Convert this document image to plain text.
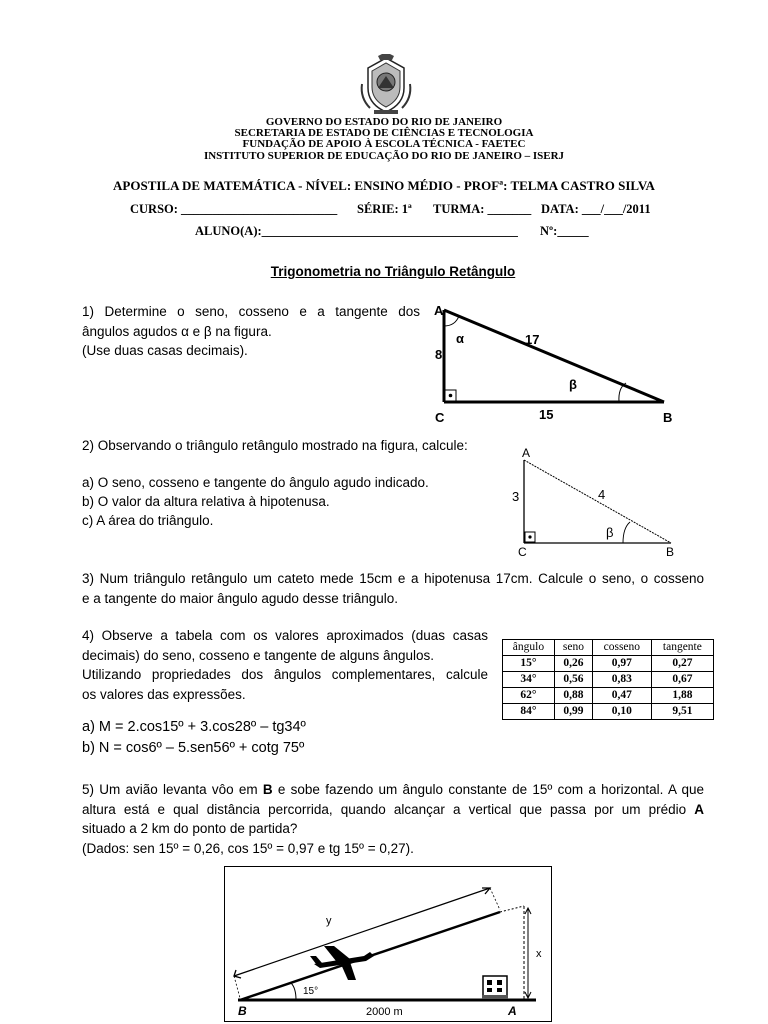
GOVERNO DO ESTADO DO RIO DE JANEIRO
SECRETARIA DE ESTADO DE CIÊNCIAS E TECNOLOGIA
FUNDAÇÃO DE APOIO À ESCOLA TÉCNICA - FAETEC
INSTITUTO SUPERIOR DE EDUCAÇÃO DO RIO DE JANEIRO – ISERJ
APOSTILA DE MATEMÁTICA - NÍVEL: ENSINO MÉDIO - PROFª: TELMA CASTRO SILVA
CURSO: _________________________ SÉRIE: 1ª TURMA: _______ DATA: ___/___/2011
ALUNO(A):_________________________________________ Nº:_____
Trigonometria no Triângulo Retângulo
1) Determine o seno, cosseno e a tangente dos
ângulos agudos α e β na figura.
(Use duas casas decimais).
A
α
8
17
β
C	15	B
2) Observando o triângulo retângulo mostrado na figura, calcule:
a) O seno, cosseno e tangente do ângulo agudo indicado.
b) O valor da altura relativa à hipotenusa.
c) A área do triângulo.
A
3	4
β
C	B
3) Num triângulo retângulo um cateto mede 15cm e a hipotenusa 17cm. Calcule o seno, o cosseno
e a tangente do maior ângulo agudo desse triângulo.
4) Observe a tabela com os valores aproximados (duas casas
decimais) do seno, cosseno e tangente de alguns ângulos.
Utilizando propriedades dos ângulos complementares, calcule
os valores das expressões.
ângulo	seno	cosseno	tangente
15°	0,26	0,97	0,27
34°	0,56	0,83	0,67
62°	0,88	0,47	1,88
84°	0,99	0,10	9,51
a) M = 2.cos15º + 3.cos28º – tg34º
b) N = cos6º – 5.sen56º + cotg 75º
5) Um avião levanta vôo em B e sobe fazendo um ângulo constante de 15º com a horizontal. A que
altura está e qual distância percorrida, quando alcançar a vertical que passa por um prédio A
situado a 2 km do ponto de partida?
(Dados: sen 15º = 0,26, cos 15º = 0,97 e tg 15º = 0,27).
y
x
15°
B	2000 m	A
